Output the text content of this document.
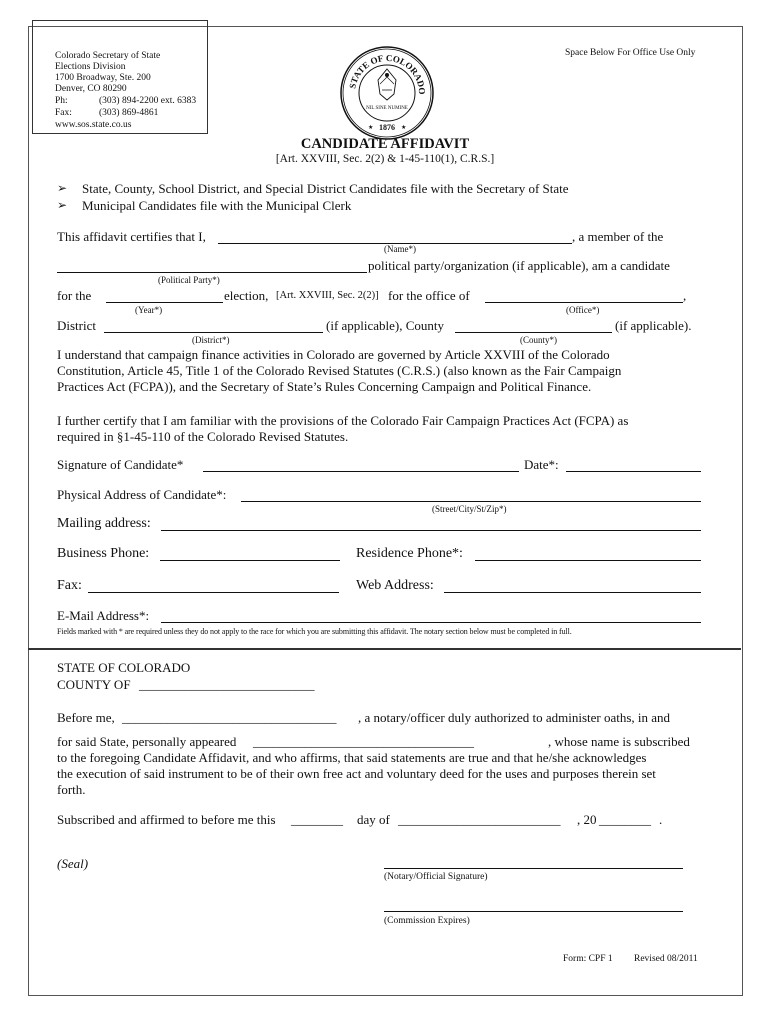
Colorado Secretary of State
Elections Division
1700 Broadway, Ste. 200
Denver, CO 80290
Ph:	(303) 894-2200 ext. 6383
Fax:	(303) 869-4861
www.sos.state.co.us
STATE OF COLORADO
NIL SINE NUMINE
1876
★	★
Space Below For Office Use Only
CANDIDATE AFFIDAVIT
[Art. XXVIII, Sec. 2(2) & 1-45-110(1), C.R.S.]
➢ State, County, School District, and Special District Candidates file with the Secretary of State
➢ Municipal Candidates file with the Municipal Clerk
This affidavit certifies that I,	, a member of the
(Name*)
political party/organization (if applicable), am a candidate
(Political Party*)
for the	election, [Art. XXVIII, Sec. 2(2)] for the office of	,
(Year*)	(Office*)
District	(if applicable), County	(if applicable).
(District*)	(County*)
I understand that campaign finance activities in Colorado are governed by Article XXVIII of the Colorado
Constitution, Article 45, Title 1 of the Colorado Revised Statutes (C.R.S.) (also known as the Fair Campaign
Practices Act (FCPA)), and the Secretary of State’s Rules Concerning Campaign and Political Finance.
I further certify that I am familiar with the provisions of the Colorado Fair Campaign Practices Act (FCPA) as
required in §1-45-110 of the Colorado Revised Statutes.
Signature of Candidate*	Date*:
Physical Address of Candidate*:
(Street/City/St/Zip*)
Mailing address:
Business Phone:	Residence Phone*:
Fax:	Web Address:
E-Mail Address*:
Fields marked with * are required unless they do not apply to the race for which you are submitting this affidavit. The notary section below must be completed in full.
STATE OF COLORADO
COUNTY OF ___________________________
Before me, _________________________________ , a notary/officer duly authorized to administer oaths, in and
for said State, personally appeared __________________________________	, whose name is subscribed
to the foregoing Candidate Affidavit, and who affirms, that said statements are true and that he/she acknowledges
the execution of said instrument to be of their own free act and voluntary deed for the uses and purposes therein set
forth.
Subscribed and affirmed to before me this ________ day of _________________________ , 20 ________ .
(Seal)
(Notary/Official Signature)
(Commission Expires)
Form: CPF 1 Revised 08/2011
